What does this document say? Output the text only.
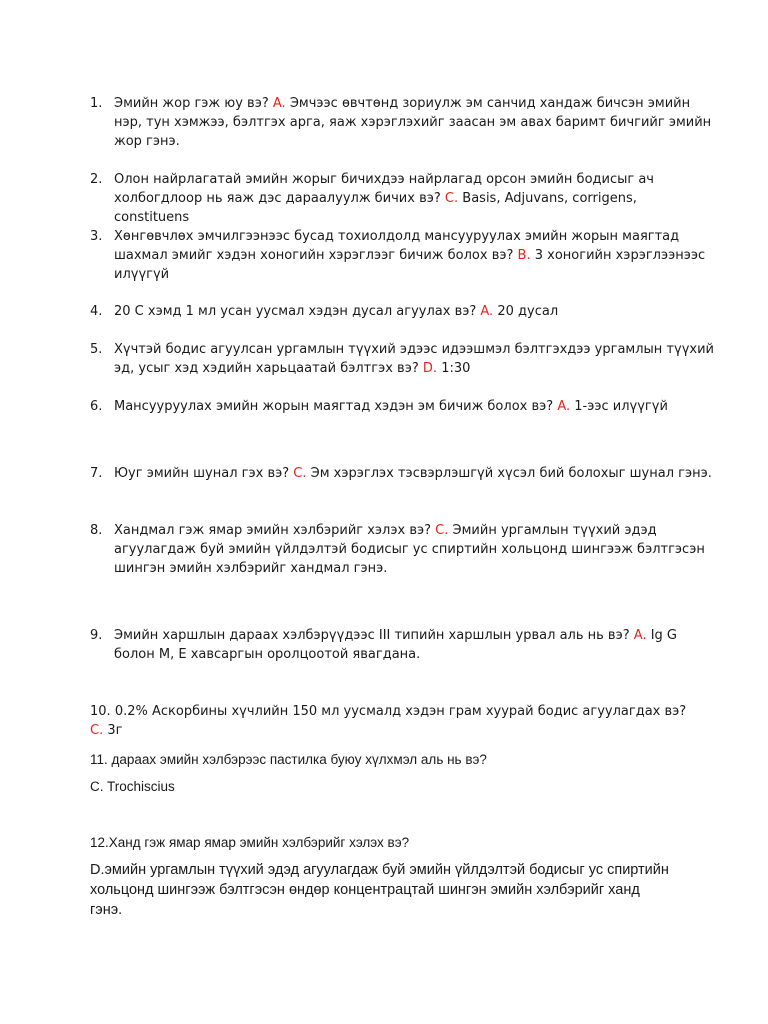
1. Эмийн жор гэж юу вэ? A. Эмчээс өвчтөнд зориулж эм санчид хандаж бичсэн эмийн нэр, тун хэмжээ, бэлтгэх арга, яаж хэрэглэхийг заасан эм авах баримт бичгийг эмийн жор гэнэ.
2. Олон найрлагатай эмийн жорыг бичихдээ найрлагад орсон эмийн бодисыг ач холбогдлоор нь яаж дэс дараалуулж бичих вэ? C. Basis, Adjuvans, corrigens, constituens
3. Хөнгөвчлөх эмчилгээнээс бусад тохиолдолд мансууруулах эмийн жорын маягтад шахмал эмийг хэдэн хоногийн хэрэглээг бичиж болох вэ? B. 3 хоногийн хэрэглээнээс илүүгүй
4. 20 С хэмд 1 мл усан уусмал хэдэн дусал агуулах вэ? A. 20 дусал
5. Хүчтэй бодис агуулсан ургамлын түүхий эдээс идээшмэл бэлтгэхдээ ургамлын түүхий эд, усыг хэд хэдийн харьцаатай бэлтгэх вэ? D. 1:30
6. Мансууруулах эмийн жорын маягтад хэдэн эм бичиж болох вэ? A. 1-ээс илүүгүй
7. Юуг эмийн шунал гэх вэ? C. Эм хэрэглэх тэсвэрлэшгүй хүсэл бий болохыг шунал гэнэ.
8. Хандмал гэж ямар эмийн хэлбэрийг хэлэх вэ? C. Эмийн ургамлын түүхий эдэд агуулагдаж буй эмийн үйлдэлтэй бодисыг ус спиртийн хольцонд шингээж бэлтгэсэн шингэн эмийн хэлбэрийг хандмал гэнэ.
9. Эмийн харшлын дараах хэлбэрүүдээс III типийн харшлын урвал аль нь вэ? A. Ig G болон M, E хавсаргын оролцоотой явагдана.
10. 0.2% Аскорбины хүчлийн 150 мл уусмалд хэдэн грам хуурай бодис агуулагдах вэ? C. 3г
11. дараах эмийн хэлбэрээс пастилка буюу хүлхмэл аль нь вэ?
C. Trochiscius
12.Ханд гэж ямар ямар эмийн хэлбэрийг хэлэх вэ?
D.эмийн ургамлын түүхий эдэд агуулагдаж буй эмийн үйлдэлтэй бодисыг ус спиртийн хольцонд шингээж бэлтгэсэн өндөр концентрацтай шингэн эмийн хэлбэрийг ханд гэнэ.
